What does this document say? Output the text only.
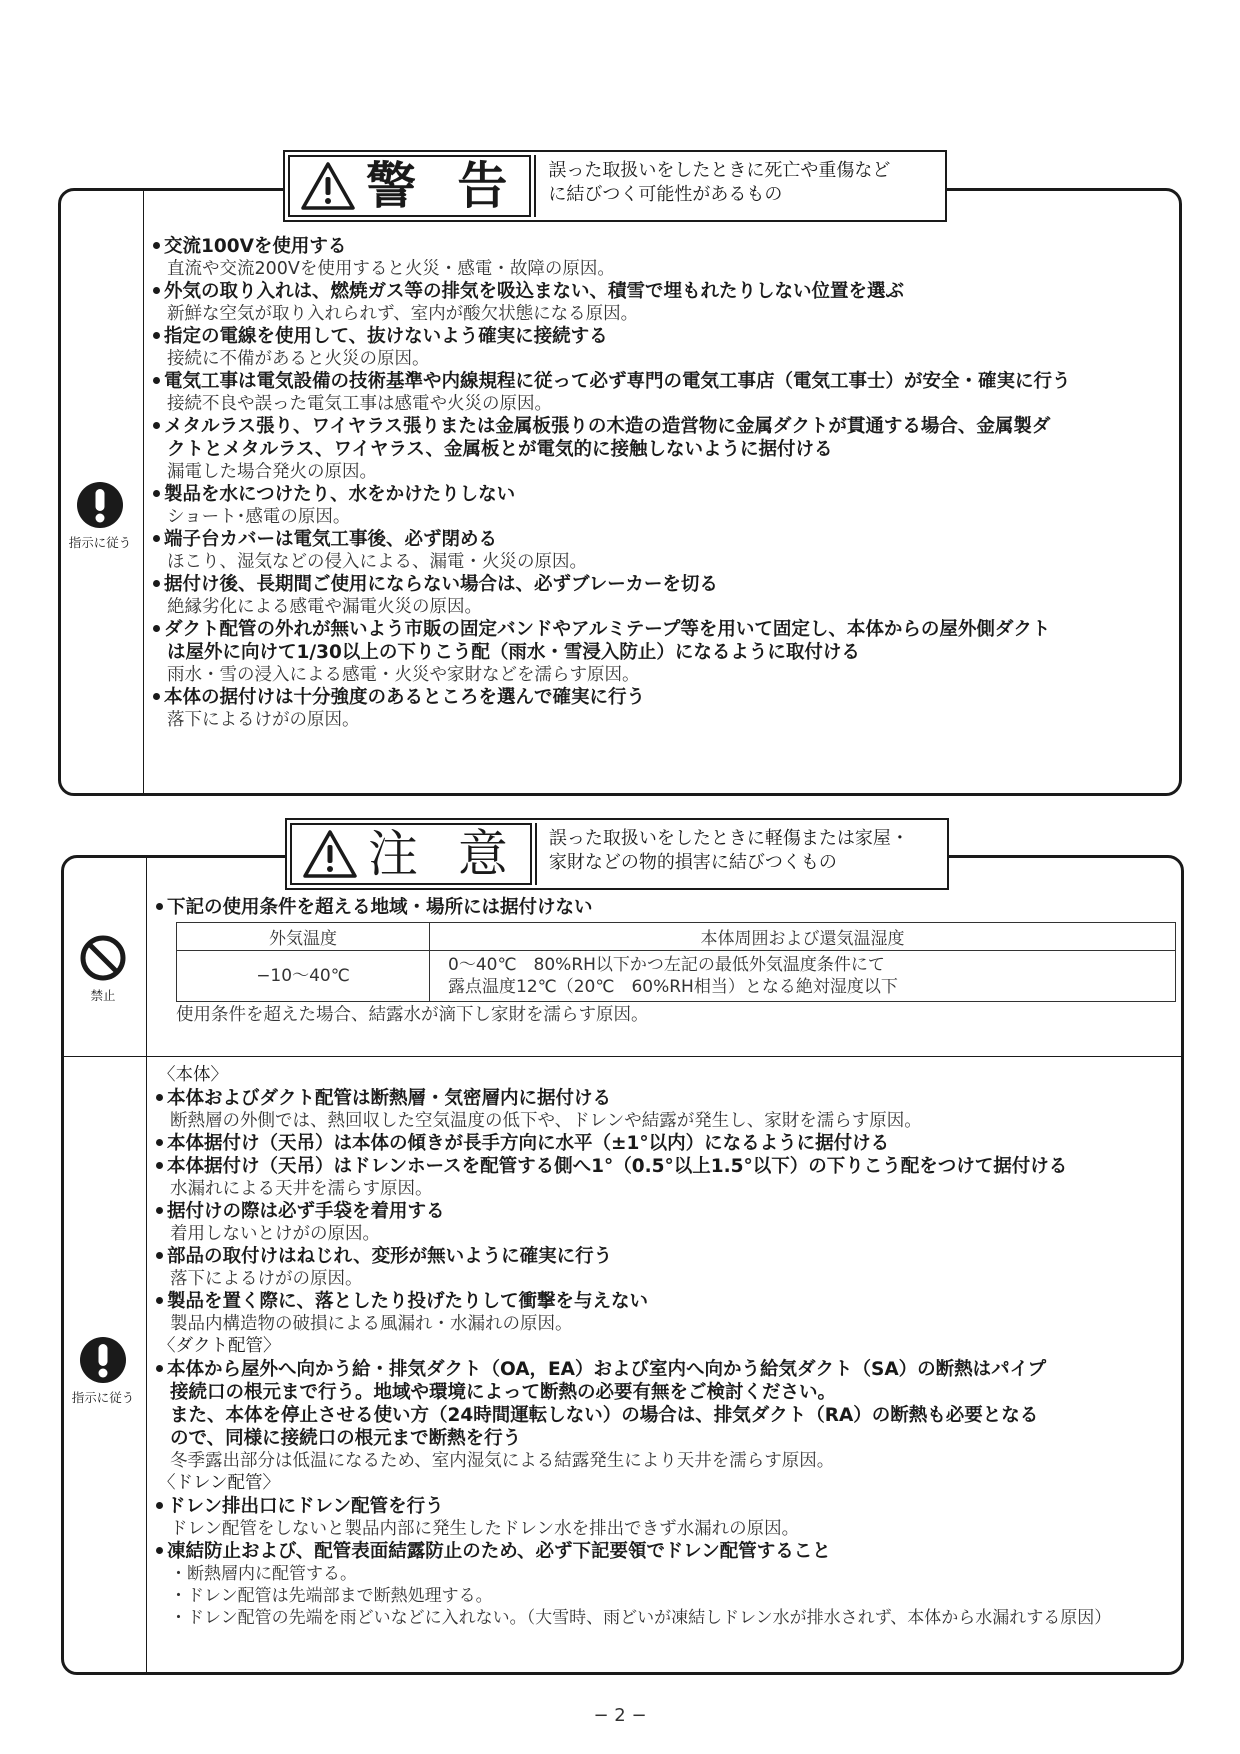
指示に従う
交流100Vを使用する
直流や交流200Vを使用すると火災・感電・故障の原因。
外気の取り入れは、燃焼ガス等の排気を吸込まない、積雪で埋もれたりしない位置を選ぶ
新鮮な空気が取り入れられず、室内が酸欠状態になる原因。
指定の電線を使用して、抜けないよう確実に接続する
接続に不備があると火災の原因。
電気工事は電気設備の技術基準や内線規程に従って必ず専門の電気工事店（電気工事士）が安全・確実に行う
接続不良や誤った電気工事は感電や火災の原因。
メタルラス張り、ワイヤラス張りまたは金属板張りの木造の造営物に金属ダクトが貫通する場合、金属製ダ
クトとメタルラス、ワイヤラス、金属板とが電気的に接触しないように据付ける
漏電した場合発火の原因。
製品を水につけたり、水をかけたりしない
ショート･感電の原因。
端子台カバーは電気工事後、必ず閉める
ほこり、湿気などの侵入による、漏電・火災の原因。
据付け後、長期間ご使用にならない場合は、必ずブレーカーを切る
絶縁劣化による感電や漏電火災の原因。
ダクト配管の外れが無いよう市販の固定バンドやアルミテープ等を用いて固定し、本体からの屋外側ダクト
は屋外に向けて1/30以上の下りこう配（雨水・雪浸入防止）になるように取付ける
雨水・雪の浸入による感電・火災や家財などを濡らす原因。
本体の据付けは十分強度のあるところを選んで確実に行う
落下によるけがの原因。
警 告 誤った取扱いをしたときに死亡や重傷など
に結びつく可能性があるもの
禁止
下記の使用条件を超える地域・場所には据付けない
外気温度	本体周囲および還気温湿度
−10〜40℃	0〜40℃　80%RH以下かつ左記の最低外気温度条件にて
露点温度12℃（20℃　60%RH相当）となる絶対湿度以下
使用条件を超えた場合、結露水が滴下し家財を濡らす原因。
指示に従う
〈本体〉
本体およびダクト配管は断熱層・気密層内に据付ける
断熱層の外側では、熱回収した空気温度の低下や、ドレンや結露が発生し、家財を濡らす原因。
本体据付け（天吊）は本体の傾きが長手方向に水平（±1°以内）になるように据付ける
本体据付け（天吊）はドレンホースを配管する側へ1°（0.5°以上1.5°以下）の下りこう配をつけて据付ける
水漏れによる天井を濡らす原因。
据付けの際は必ず手袋を着用する
着用しないとけがの原因。
部品の取付けはねじれ、変形が無いように確実に行う
落下によるけがの原因。
製品を置く際に、落としたり投げたりして衝撃を与えない
製品内構造物の破損による風漏れ・水漏れの原因。
〈ダクト配管〉
本体から屋外へ向かう給・排気ダクト（OA，EA）および室内へ向かう給気ダクト（SA）の断熱はパイプ
接続口の根元まで行う。地域や環境によって断熱の必要有無をご検討ください。
また、本体を停止させる使い方（24時間運転しない）の場合は、排気ダクト（RA）の断熱も必要となる
ので、同様に接続口の根元まで断熱を行う
冬季露出部分は低温になるため、室内湿気による結露発生により天井を濡らす原因。
〈ドレン配管〉
ドレン排出口にドレン配管を行う
ドレン配管をしないと製品内部に発生したドレン水を排出できず水漏れの原因。
凍結防止および、配管表面結露防止のため、必ず下記要領でドレン配管すること
・断熱層内に配管する。
・ドレン配管は先端部まで断熱処理する。
・ドレン配管の先端を雨どいなどに入れない。（大雪時、雨どいが凍結しドレン水が排水されず、本体から水漏れする原因）
注 意 誤った取扱いをしたときに軽傷または家屋・
家財などの物的損害に結びつくもの
− 2 −
